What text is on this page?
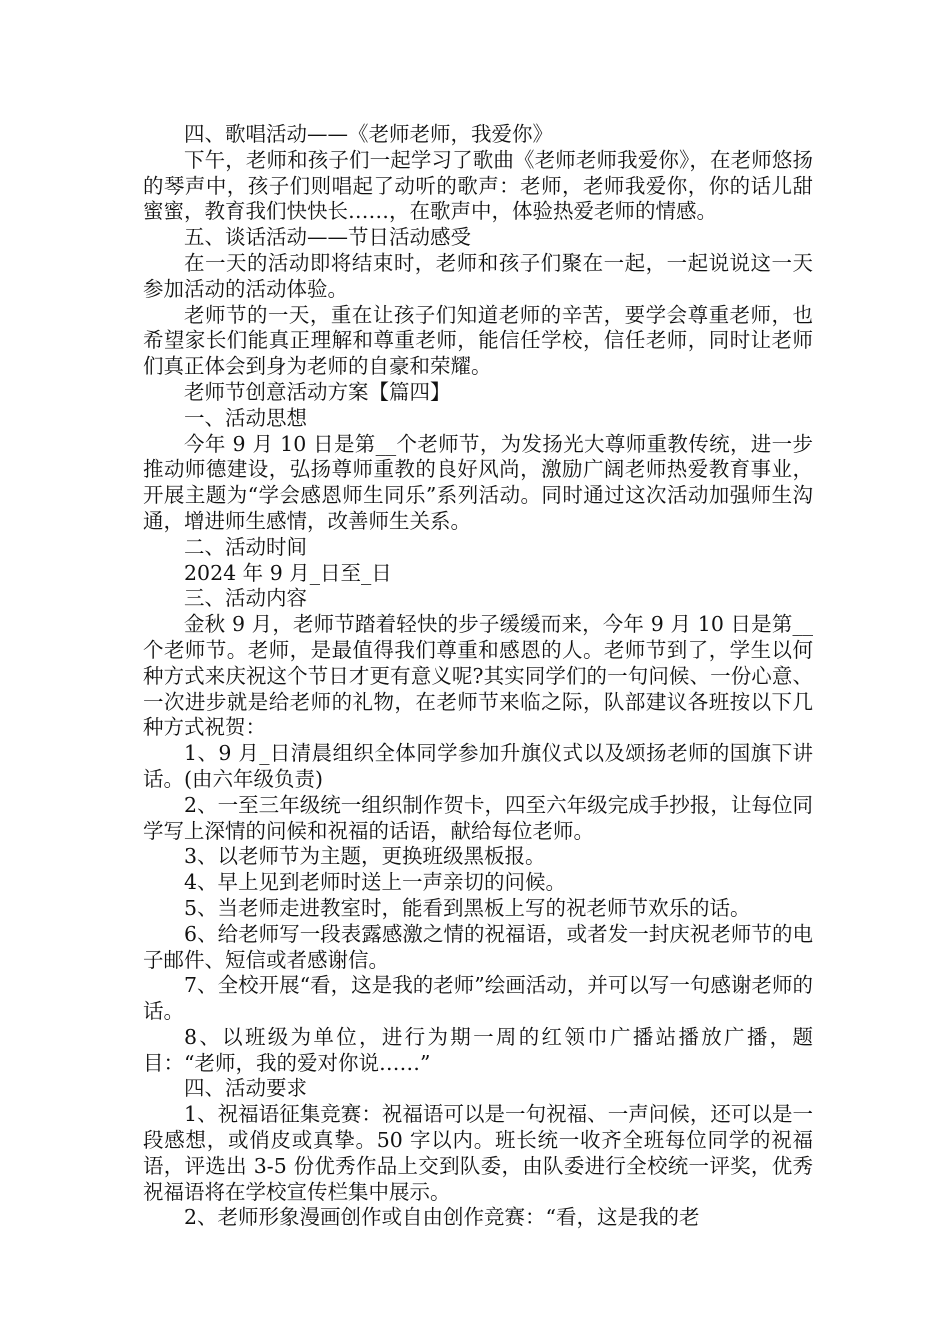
四、歌唱活动——《老师老师，我爱你》

下午，老师和孩子们一起学习了歌曲《老师老师我爱你》，在老师悠扬的琴声中，孩子们则唱起了动听的歌声：老师，老师我爱你，你的话儿甜蜜蜜，教育我们快快长……，在歌声中，体验热爱老师的情感。

五、谈话活动——节日活动感受

在一天的活动即将结束时，老师和孩子们聚在一起，一起说说这一天参加活动的活动体验。

老师节的一天，重在让孩子们知道老师的辛苦，要学会尊重老师，也希望家长们能真正理解和尊重老师，能信任学校，信任老师，同时让老师们真正体会到身为老师的自豪和荣耀。

老师节创意活动方案【篇四】

一、活动思想

今年 9 月 10 日是第__个老师节，为发扬光大尊师重教传统，进一步推动师德建设，弘扬尊师重教的良好风尚，激励广阔老师热爱教育事业，开展主题为“学会感恩师生同乐”系列活动。同时通过这次活动加强师生沟通，增进师生感情，改善师生关系。

二、活动时间

2024 年 9 月_日至_日

三、活动内容

金秋 9 月，老师节踏着轻快的步子缓缓而来，今年 9 月 10 日是第__个老师节。老师，是最值得我们尊重和感恩的人。老师节到了，学生以何种方式来庆祝这个节日才更有意义呢?其实同学们的一句问候、一份心意、一次进步就是给老师的礼物，在老师节来临之际，队部建议各班按以下几种方式祝贺：

1、9 月_日清晨组织全体同学参加升旗仪式以及颂扬老师的国旗下讲话。(由六年级负责)

2、一至三年级统一组织制作贺卡，四至六年级完成手抄报，让每位同学写上深情的问候和祝福的话语，献给每位老师。

3、以老师节为主题，更换班级黑板报。

4、早上见到老师时送上一声亲切的问候。

5、当老师走进教室时，能看到黑板上写的祝老师节欢乐的话。

6、给老师写一段表露感激之情的祝福语，或者发一封庆祝老师节的电子邮件、短信或者感谢信。

7、全校开展“看，这是我的老师”绘画活动，并可以写一句感谢老师的话。

8、以班级为单位，进行为期一周的红领巾广播站播放广播，题目：“老师，我的爱对你说……”

四、活动要求

1、祝福语征集竞赛：祝福语可以是一句祝福、一声问候，还可以是一段感想，或俏皮或真挚。50 字以内。班长统一收齐全班每位同学的祝福语，评选出 3-5 份优秀作品上交到队委，由队委进行全校统一评奖，优秀祝福语将在学校宣传栏集中展示。

2、老师形象漫画创作或自由创作竞赛：“看，这是我的老
